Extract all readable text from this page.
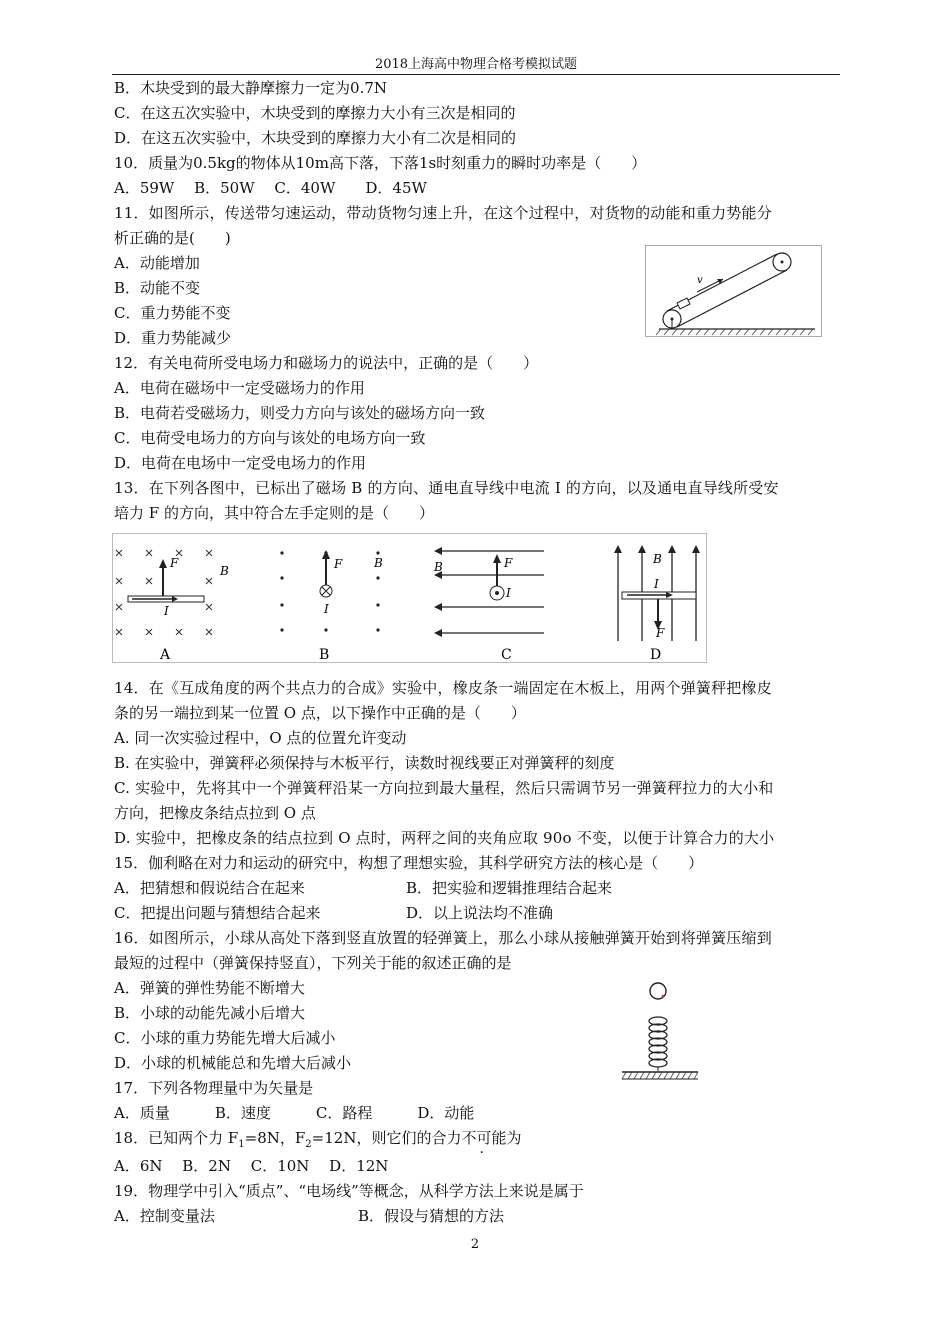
2018上海高中物理合格考模拟试题
B．木块受到的最大静摩擦力一定为0.7N
C．在这五次实验中，木块受到的摩擦力大小有三次是相同的
D．在这五次实验中，木块受到的摩擦力大小有二次是相同的
10．质量为0.5kg的物体从10m高下落，下落1s时刻重力的瞬时功率是（　　）
A．59W　 B．50W　 C．40W　　D．45W
11．如图所示，传送带匀速运动，带动货物匀速上升，在这个过程中，对货物的动能和重力势能分
析正确的是(　　)
A．动能增加
B．动能不变
C．重力势能不变
D．重力势能减少
v
12．有关电荷所受电场力和磁场力的说法中，正确的是（　　）
A．电荷在磁场中一定受磁场力的作用
B．电荷若受磁场力，则受力方向与该处的磁场方向一致
C．电荷受电场力的方向与该处的电场方向一致
D．电荷在电场中一定受电场力的作用
13．在下列各图中，已标出了磁场 B 的方向、通电直导线中电流 I 的方向，以及通电直导线所受安
培力 F 的方向，其中符合左手定则的是（　　）
F
B
I
A
F	B
I
B
F
B
I
C
B
I
F
D
14．在《互成角度的两个共点力的合成》实验中，橡皮条一端固定在木板上，用两个弹簧秤把橡皮
条的另一端拉到某一位置 O 点，以下操作中正确的是（　　）
A. 同一次实验过程中，O 点的位置允许变动
B. 在实验中，弹簧秤必须保持与木板平行，读数时视线要正对弹簧秤的刻度
C. 实验中，先将其中一个弹簧秤沿某一方向拉到最大量程，然后只需调节另一弹簧秤拉力的大小和
方向，把橡皮条结点拉到 O 点
D. 实验中，把橡皮条的结点拉到 O 点时，两秤之间的夹角应取 90o 不变，以便于计算合力的大小
15．伽利略在对力和运动的研究中，构想了理想实验，其科学研究方法的核心是（　　）
A．把猜想和假说结合在起来	B．把实验和逻辑推理结合起来
C．把提出问题与猜想结合起来	D．以上说法均不准确
16．如图所示，小球从高处下落到竖直放置的轻弹簧上，那么小球从接触弹簧开始到将弹簧压缩到
最短的过程中（弹簧保持竖直），下列关于能的叙述正确的是
A．弹簧的弹性势能不断增大
B．小球的动能先减小后增大
C．小球的重力势能先增大后减小
D．小球的机械能总和先增大后减小
17．下列各物理量中为矢量是
A．质量　　　B．速度　　　C．路程　　　D．动能
18．已知两个力 $F_1=8N$，$F_2=12N$，则它们的合力不可能为
A．6N　 B．2N　 C．10N　 D．12N
19．物理学中引入“质点”、“电场线”等概念，从科学方法上来说是属于
A．控制变量法	B．假设与猜想的方法
2
